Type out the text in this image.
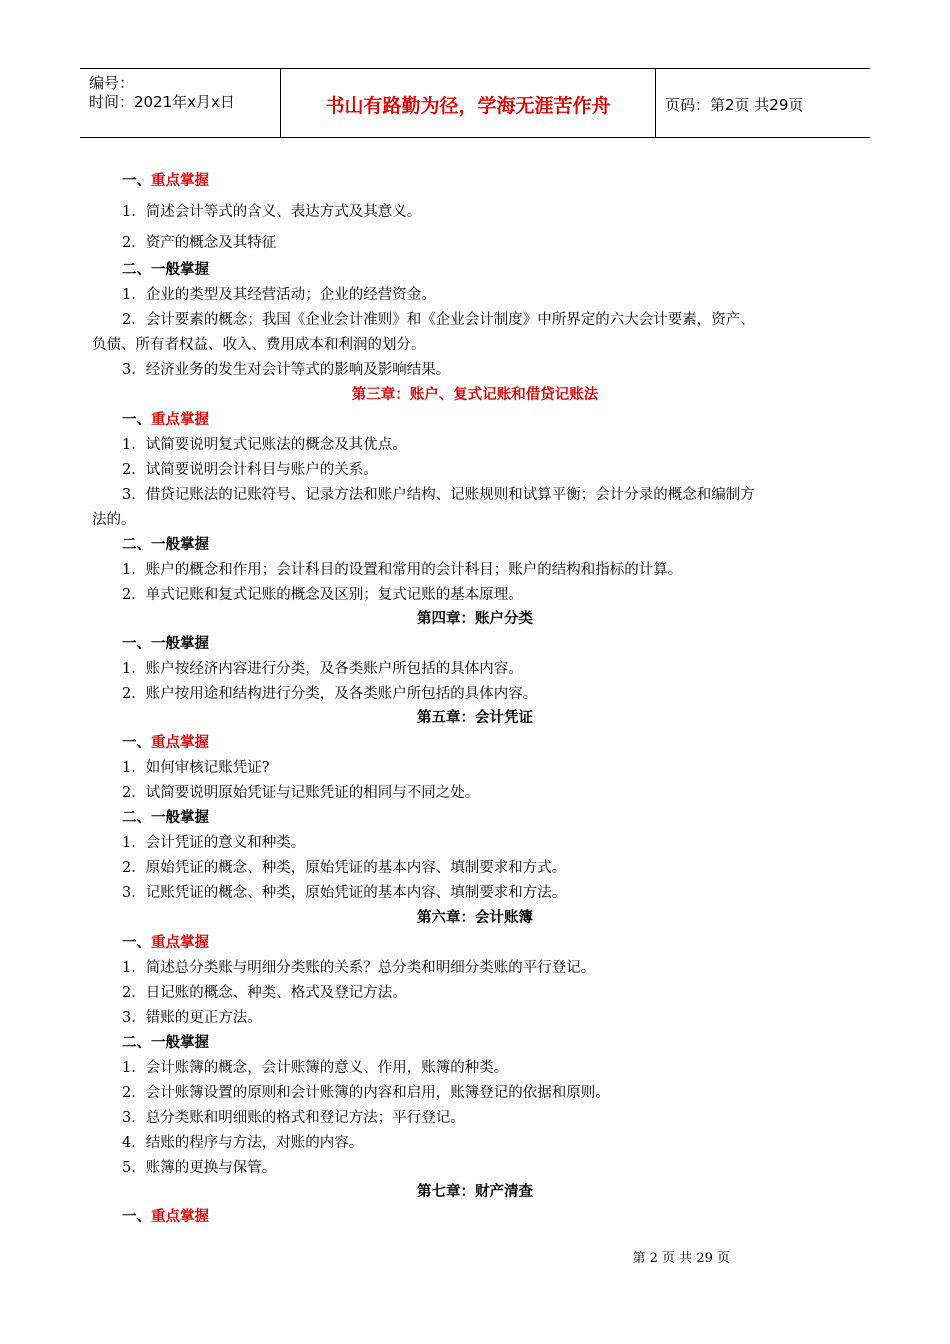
编号：
时间：2021年x月x日	书山有路勤为径，学海无涯苦作舟	页码：第2页 共29页
一、重点掌握
1．简述会计等式的含义、表达方式及其意义。
2．资产的概念及其特征
二、一般掌握
1．企业的类型及其经营活动；企业的经营资金。
2．会计要素的概念；我国《企业会计准则》和《企业会计制度》中所界定的六大会计要素，资产、
负债、所有者权益、收入、费用成本和利润的划分。
3．经济业务的发生对会计等式的影响及影响结果。
第三章：账户、复式记账和借贷记账法
一、重点掌握
1．试简要说明复式记账法的概念及其优点。
2．试简要说明会计科目与账户的关系。
3．借贷记账法的记账符号、记录方法和账户结构、记账规则和试算平衡；会计分录的概念和编制方
法的。
二、一般掌握
1．账户的概念和作用；会计科目的设置和常用的会计科目；账户的结构和指标的计算。
2．单式记账和复式记账的概念及区别；复式记账的基本原理。
第四章：账户分类
一、一般掌握
1．账户按经济内容进行分类，及各类账户所包括的具体内容。
2．账户按用途和结构进行分类，及各类账户所包括的具体内容。
第五章：会计凭证
一、重点掌握
1．如何审核记账凭证?
2．试简要说明原始凭证与记账凭证的相同与不同之处。
二、一般掌握
1．会计凭证的意义和种类。
2．原始凭证的概念、种类，原始凭证的基本内容、填制要求和方式。
3．记账凭证的概念、种类，原始凭证的基本内容、填制要求和方法。
第六章：会计账簿
一、重点掌握
1．简述总分类账与明细分类账的关系？总分类和明细分类账的平行登记。
2．日记账的概念、种类、格式及登记方法。
3．错账的更正方法。
二、一般掌握
1．会计账簿的概念，会计账簿的意义、作用，账簿的种类。
2．会计账簿设置的原则和会计账簿的内容和启用，账簿登记的依据和原则。
3．总分类账和明细账的格式和登记方法；平行登记。
4．结账的程序与方法，对账的内容。
5．账簿的更换与保管。
第七章：财产清查
一、重点掌握
第 2 页 共 29 页
